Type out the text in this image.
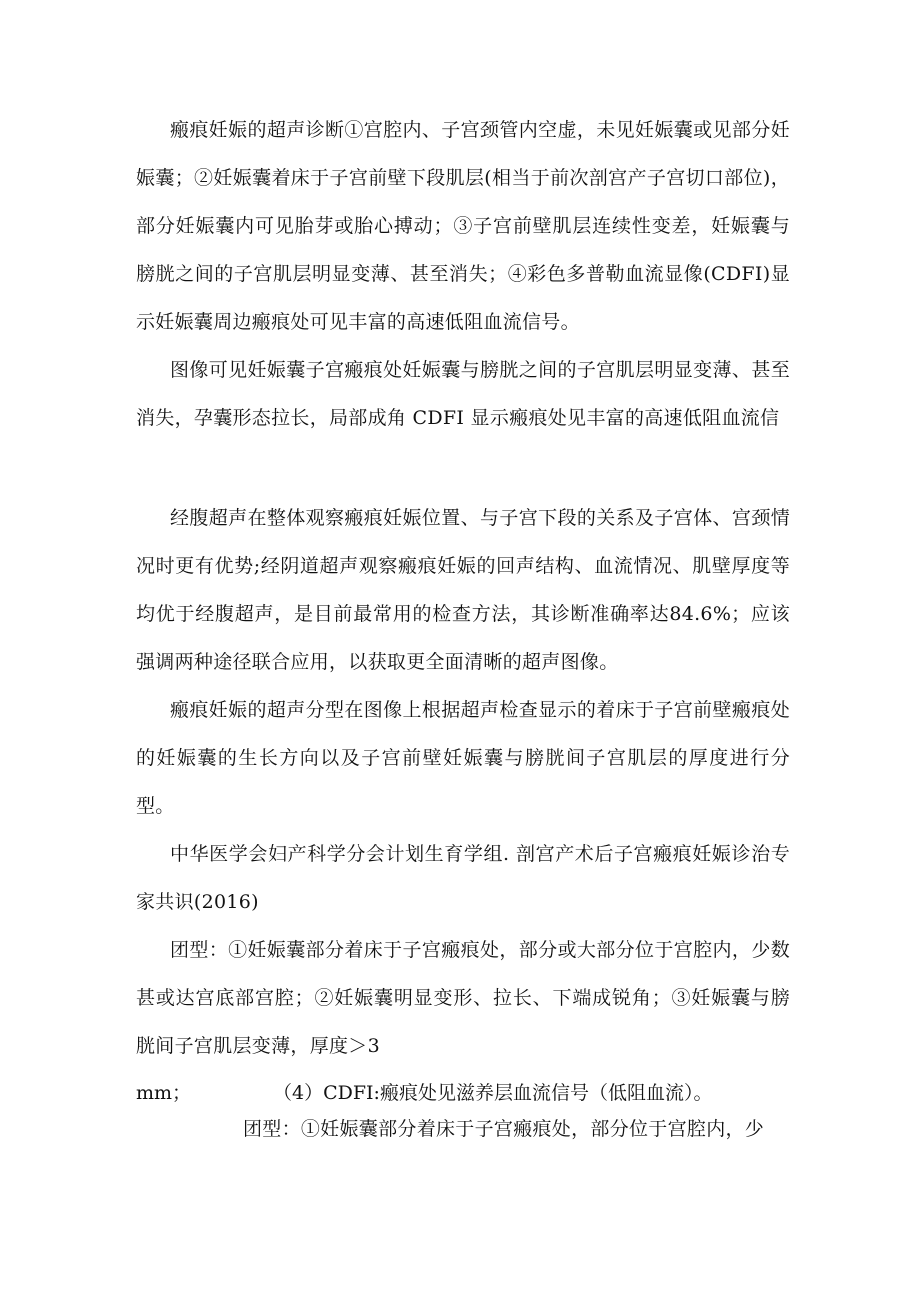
瘢痕妊娠的超声诊断①宫腔内、子宫颈管内空虚，未见妊娠囊或见部分妊娠囊；②妊娠囊着床于子宫前壁下段肌层(相当于前次剖宫产子宫切口部位)，部分妊娠囊内可见胎芽或胎心搏动；③子宫前壁肌层连续性变差，妊娠囊与膀胱之间的子宫肌层明显变薄、甚至消失；④彩色多普勒血流显像(CDFI)显示妊娠囊周边瘢痕处可见丰富的高速低阻血流信号。

图像可见妊娠囊子宫瘢痕处妊娠囊与膀胱之间的子宫肌层明显变薄、甚至消失，孕囊形态拉长，局部成角 CDFI 显示瘢痕处见丰富的高速低阻血流信

经腹超声在整体观察瘢痕妊娠位置、与子宫下段的关系及子宫体、宫颈情况时更有优势;经阴道超声观察瘢痕妊娠的回声结构、血流情况、肌壁厚度等均优于经腹超声，是目前最常用的检查方法，其诊断准确率达84.6%；应该强调两种途径联合应用，以获取更全面清晰的超声图像。

瘢痕妊娠的超声分型在图像上根据超声检查显示的着床于子宫前壁瘢痕处的妊娠囊的生长方向以及子宫前壁妊娠囊与膀胱间子宫肌层的厚度进行分型。

中华医学会妇产科学分会计划生育学组. 剖宫产术后子宫瘢痕妊娠诊治专家共识(2016)

团型：①妊娠囊部分着床于子宫瘢痕处，部分或大部分位于宫腔内，少数甚或达宫底部宫腔；②妊娠囊明显变形、拉长、下端成锐角；③妊娠囊与膀胱间子宫肌层变薄，厚度＞3

mm；	（4）CDFI:瘢痕处见滋养层血流信号（低阻血流）。

团型：①妊娠囊部分着床于子宫瘢痕处，部分位于宫腔内，少
